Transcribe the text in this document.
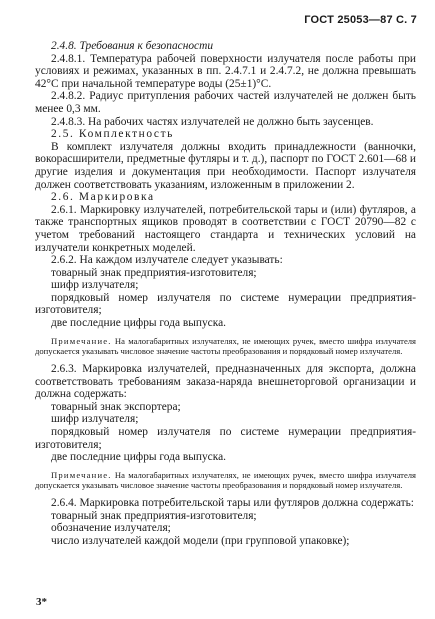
ГОСТ 25053—87 С. 7

2.4.8. Требования к безопасности

2.4.8.1. Температура рабочей поверхности излучателя после работы при условиях и режимах, указанных в пп. 2.4.7.1 и 2.4.7.2, не должна превышать 42°С при начальной температуре воды (25±1)°С.

2.4.8.2. Радиус притупления рабочих частей излучателей не должен быть менее 0,3 мм.

2.4.8.3. На рабочих частях излучателей не должно быть заусенцев.

2.5. Комплектность

В комплект излучателя должны входить принадлежности (ванночки, вокорасширители, предметные футляры и т. д.), паспорт по ГОСТ 2.601—68 и другие изделия и документация при необходимости. Паспорт излучателя должен соответствовать указаниям, изложенным в приложении 2.

2.6. Маркировка

2.6.1. Маркировку излучателей, потребительской тары и (или) футляров, а также транспортных ящиков проводят в соответствии с ГОСТ 20790—82 с учетом требований настоящего стандарта и технических условий на излучатели конкретных моделей.

2.6.2. На каждом излучателе следует указывать:

товарный знак предприятия-изготовителя;

шифр излучателя;

порядковый номер излучателя по системе нумерации предприятия-изготовителя;

две последние цифры года выпуска.

Примечание. На малогабаритных излучателях, не имеющих ручек, вместо шифра излучателя допускается указывать числовое значение частоты преобразования и порядковый номер излучателя.

2.6.3. Маркировка излучателей, предназначенных для экспорта, должна соответствовать требованиям заказа-наряда внешнеторговой организации и должна содержать:

товарный знак экспортера;

шифр излучателя;

порядковый номер излучателя по системе нумерации предприятия-изготовителя;

две последние цифры года выпуска.

Примечание. На малогабаритных излучателях, не имеющих ручек, вместо шифра излучателя допускается указывать числовое значение частоты преобразования и порядковый номер излучателя.

2.6.4. Маркировка потребительской тары или футляров должна содержать:

товарный знак предприятия-изготовителя;

обозначение излучателя;

число излучателей каждой модели (при групповой упаковке);

3*
